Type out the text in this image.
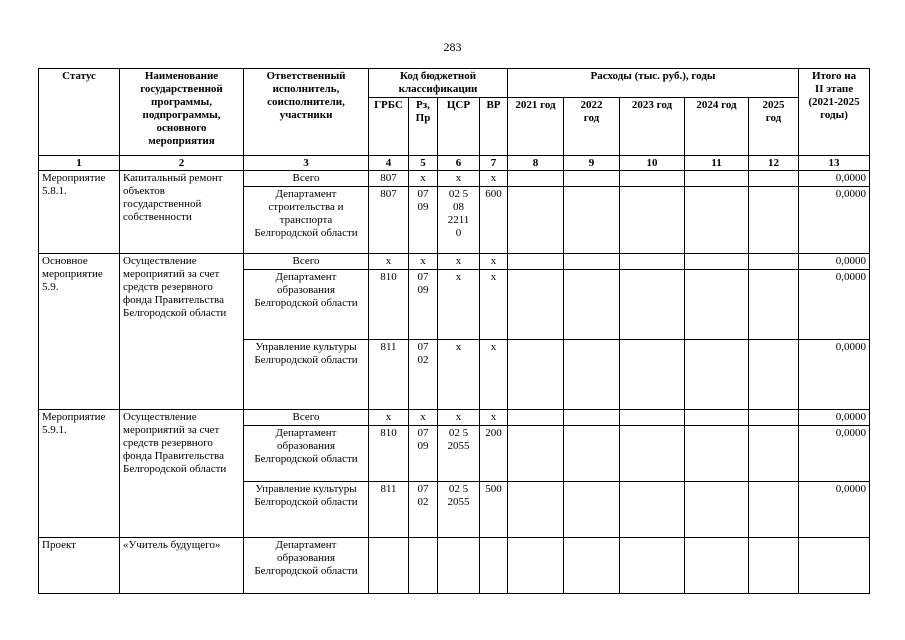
283
Статус	Наименование государственной программы, подпрограммы, основного мероприятия	Ответственный исполнитель, соисполнители, участники	Код бюджетной классификации				Расходы (тыс. руб.), годы					Итого на
II этапе
(2021-2025
годы)
			ГРБС	Рз,
Пр	ЦСР	ВР	2021 год	2022
год	2023 год	2024 год	2025
год	
1	2	3	4	5	6	7	8	9	10	11	12	13
Мероприятие 5.8.1.	Капитальный ремонт объектов государственной собственности	Всего	807	х	х	х						0,0000
		Департамент строительства и транспорта Белгородской области	807	07
09	02 5
08
2211
0	600						0,0000
Основное мероприятие 5.9.	Осуществление мероприятий за счет средств резервного фонда Правительства Белгородской области	Всего	х	х	х	х						0,0000
		Департамент образования Белгородской области	810	07
09	х	х						0,0000
		Управление культуры Белгородской области	811	07
02	х	х						0,0000
Мероприятие 5.9.1.	Осуществление мероприятий за счет средств резервного фонда Правительства Белгородской области	Всего	х	х	х	х						0,0000
		Департамент образования Белгородской области	810	07
09	02 5
2055	200						0,0000
		Управление культуры Белгородской области	811	07
02	02 5
2055	500						0,0000
Проект	«Учитель будущего»	Департамент образования Белгородской области										
